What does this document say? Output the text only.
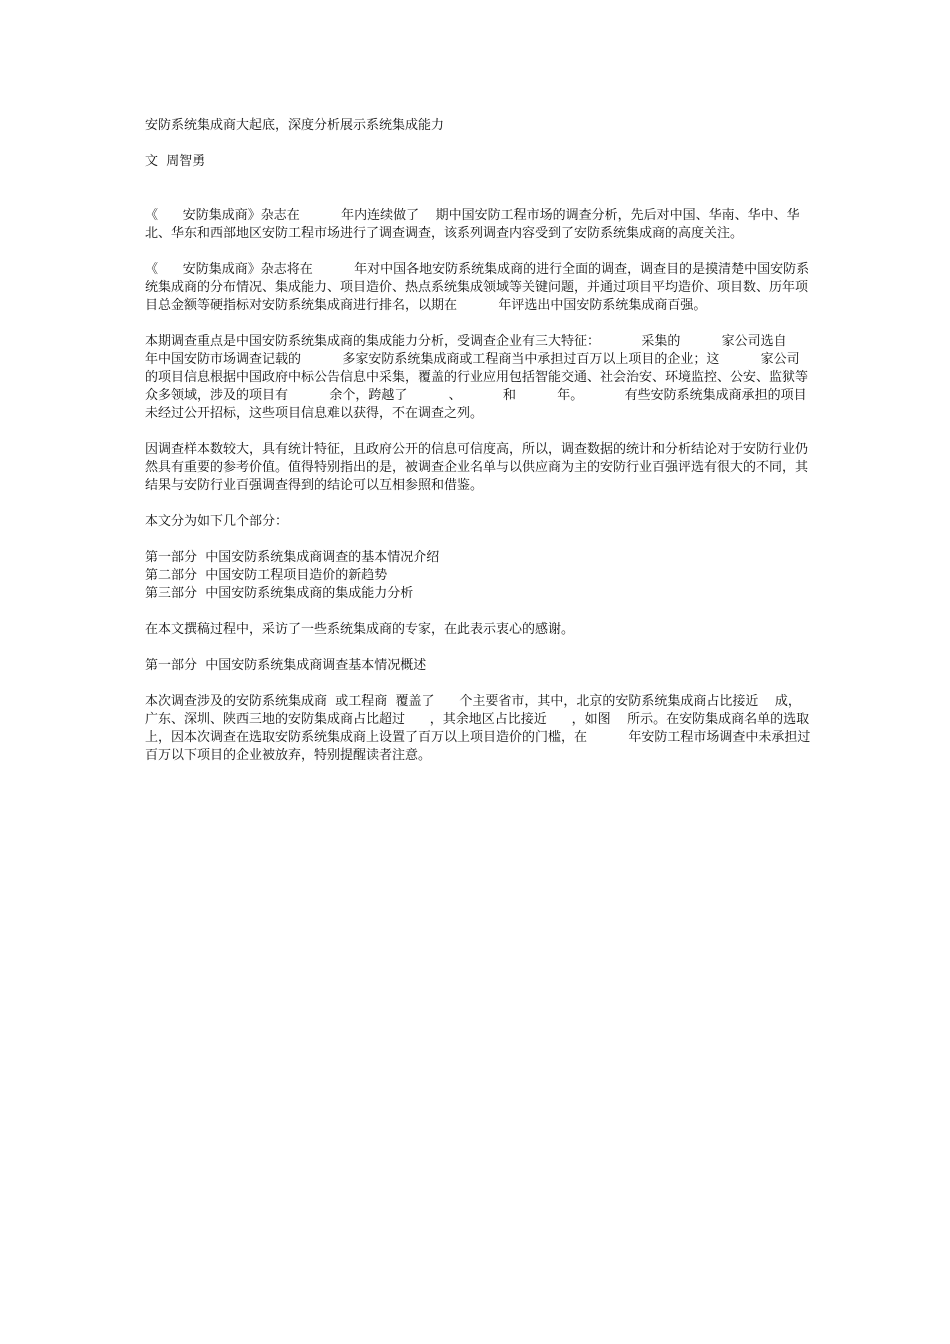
安防系统集成商大起底，深度分析展示系统集成能力
文  周智勇
《      安防集成商》杂志在          年内连续做了    期中国安防工程市场的调查分析，先后对中国、华南、华中、华北、华东和西部地区安防工程市场进行了调查调查，该系列调查内容受到了安防系统集成商的高度关注。
《      安防集成商》杂志将在          年对中国各地安防系统集成商的进行全面的调查，调查目的是摸清楚中国安防系统集成商的分布情况、集成能力、项目造价、热点系统集成领域等关键问题，并通过项目平均造价、项目数、历年项目总金额等硬指标对安防系统集成商进行排名，以期在          年评选出中国安防系统集成商百强。
本期调查重点是中国安防系统集成商的集成能力分析，受调查企业有三大特征：          采集的          家公司选自          年中国安防市场调查记载的          多家安防系统集成商或工程商当中承担过百万以上项目的企业；这          家公司的项目信息根据中国政府中标公告信息中采集，覆盖的行业应用包括智能交通、社会治安、环境监控、公安、监狱等众多领域，涉及的项目有          余个，跨越了          、          和          年。          有些安防系统集成商承担的项目未经过公开招标，这些项目信息难以获得，不在调查之列。
因调查样本数较大，具有统计特征，且政府公开的信息可信度高，所以，调查数据的统计和分析结论对于安防行业仍然具有重要的参考价值。值得特别指出的是，被调查企业名单与以供应商为主的安防行业百强评选有很大的不同，其结果与安防行业百强调查得到的结论可以互相参照和借鉴。
本文分为如下几个部分：
第一部分  中国安防系统集成商调查的基本情况介绍
第二部分  中国安防工程项目造价的新趋势
第三部分  中国安防系统集成商的集成能力分析
在本文撰稿过程中，采访了一些系统集成商的专家，在此表示衷心的感谢。
第一部分  中国安防系统集成商调查基本情况概述
本次调查涉及的安防系统集成商  或工程商  覆盖了      个主要省市，其中，北京的安防系统集成商占比接近    成，广东、深圳、陕西三地的安防集成商占比超过      ，其余地区占比接近      ，如图    所示。在安防集成商名单的选取上，因本次调查在选取安防系统集成商上设置了百万以上项目造价的门槛，在          年安防工程市场调查中未承担过百万以下项目的企业被放弃，特别提醒读者注意。
